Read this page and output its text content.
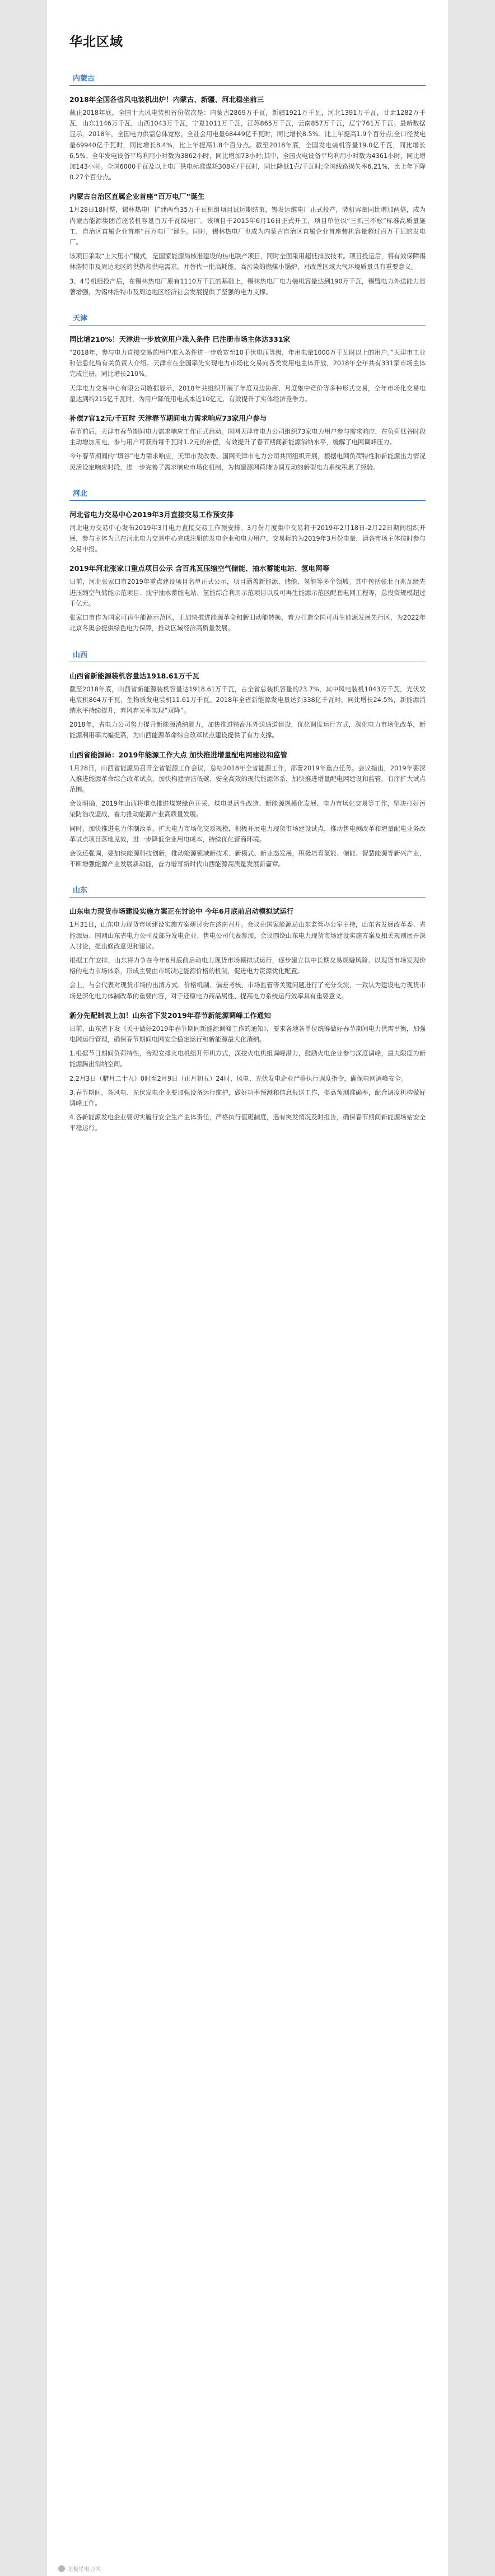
华北区域
内蒙古
2018年全国各省风电装机出炉！内蒙古、新疆、河北稳坐前三

截止2018年底，全国十大风电装机省份依次是：内蒙古2869万千瓦，新疆1921万千瓦，河北1391万千瓦，甘肃1282万千瓦，山东1146万千瓦，山西1043万千瓦，宁夏1011万千瓦，江苏865万千瓦，云南857万千瓦，辽宁761万千瓦。最新数据显示，2018年，全国电力供需总体宽松，全社会用电量68449亿千瓦时，同比增长8.5%。比上年提高1.9个百分点;全口径发电量69940亿千瓦时，同比增长8.4%，比上年提高1.8个百分点。截至2018年底，全国发电装机容量19.0亿千瓦，同比增长6.5%。全年发电设备平均利用小时数为3862小时，同比增加73小时;其中，全国火电设备平均利用小时数为4361小时，同比增加143小时。全国6000千瓦及以上电厂供电标准煤耗308克/千瓦时，同比降低1克/千瓦时;全国线路损失率6.21%，比上年下降0.27个百分点。

内蒙古自治区直属企业首座“百万电厂”诞生

1月28日18时整，锡林热电厂扩建两台35万千瓦机组项目试运期结束，锡发运维电厂正式投产，装机容量同比增加两倍，成为内蒙古能源集团首座装机容量百万千瓦级电厂。该项目于2015年6月16日正式开工，项目单位以“三抓三不松”标准高质量施工，自治区直属企业首座“百万电厂”诞生。同时，锡林热电厂也成为内蒙古自治区直属企业首座装机容量超过百万千瓦的发电厂。

该项目采取“上大压小”模式，是国家能源局核准建设的热电联产项目，同时全面采用超低排放技术。项目投运后，将有效保障锡林浩特市及周边地区的供热和供电需求，并替代一批高耗能、高污染的燃煤小锅炉，对改善区域大气环境质量具有重要意义。

3、4号机组投产后，在锡林热电厂原有1110万千瓦的基础上，锡林热电厂电力装机容量达到190万千瓦，锡盟电力外送能力显著增强，为锡林浩特市及周边地区经济社会发展提供了坚强的电力支撑。

天津
同比增210%！天津进一步放宽用户准入条件 已注册市场主体达331家

“2018年，参与电力直接交易的用户准入条件进一步放宽至10千伏电压等级，年用电量1000万千瓦时以上的用户。”天津市工业和信息化局有关负责人介绍。天津市在全国率先实现电力市场化交易向各类发用电主体开放，2018年全年共有331家市场主体完成注册，同比增长210%。

天津电力交易中心有限公司数据显示，2018年共组织开展了年度双边协商、月度集中竞价等多种形式交易，全年市场化交易电量达到约215亿千瓦时，为用户降低用电成本近10亿元，有效提升了实体经济竞争力。

补偿7官12元/千瓦时 天津春节期间电力需求响应73家用户参与

春节前后，天津市春节期间电力需求响应工作正式启动。国网天津市电力公司组织73家电力用户参与需求响应，在负荷低谷时段主动增加用电，参与用户可获得每千瓦时1.2元的补偿，有效提升了春节期间新能源消纳水平，缓解了电网调峰压力。

今年春节期间的“填谷”电力需求响应，天津市发改委、国网天津市电力公司共同组织开展，根据电网负荷特性和新能源出力情况灵活设定响应时段，进一步完善了需求响应市场化机制，为构建源网荷储协调互动的新型电力系统积累了经验。

河北
河北省电力交易中心2019年3月直接交易工作预安排

河北电力交易中心发布2019年3月电力直接交易工作预安排。3月份月度集中交易将于2019年2月18日-2月22日期间组织开展，参与主体为已在河北电力交易中心完成注册的发电企业和电力用户，交易标的为2019年3月份电量，请各市场主体按时参与交易申报。

2019年河北张家口重点项目公示 含百兆瓦压缩空气储能、抽水蓄能电站、氢电网等

日前，河北张家口市2019年重点建设项目名单正式公示，项目涵盖新能源、储能、氢能等多个领域。其中包括张北百兆瓦级先进压缩空气储能示范项目、抚宁抽水蓄能电站、氢能综合利用示范项目以及可再生能源示范区配套电网工程等，总投资规模超过千亿元。

张家口市作为国家可再生能源示范区，正加快推进能源革命和新旧动能转换，着力打造全国可再生能源发展先行区，为2022年北京冬奥会提供绿色电力保障，推动区域经济高质量发展。

山西
山西省新能源装机容量达1918.61万千瓦

截至2018年底，山西省新能源装机容量达1918.61万千瓦，占全省总装机容量的23.7%，其中风电装机1043万千瓦，光伏发电装机864万千瓦，生物质发电装机11.61万千瓦。2018年全省新能源发电量达到338亿千瓦时，同比增长24.5%，新能源消纳水平持续提升，弃风弃光率实现“双降”。

2018年，省电力公司努力提升新能源消纳能力，加快推进特高压外送通道建设，优化调度运行方式，深化电力市场化改革，新能源利用率大幅提高，为山西能源革命综合改革试点建设提供了有力支撑。

山西省能源局：2019年能源工作大点 加快推进增量配电网建设和监管

1月28日，山西省能源局召开全省能源工作会议，总结2018年全省能源工作，部署2019年重点任务。会议指出，2019年要深入推进能源革命综合改革试点，加快构建清洁低碳、安全高效的现代能源体系，加快推进增量配电网建设和监管，有序扩大试点范围。

会议明确，2019年山西将重点推进煤炭绿色开采、煤电灵活性改造、新能源规模化发展、电力市场化交易等工作，坚决打好污染防治攻坚战，着力推动能源产业高质量发展。

同时，加快推进电力体制改革，扩大电力市场化交易规模，积极开展电力现货市场建设试点，推动售电侧改革和增量配电业务改革试点项目落地见效，进一步降低企业用电成本，持续优化营商环境。

会议还强调，要加快能源科技创新，推动能源领域新技术、新模式、新业态发展，积极培育氢能、储能、智慧能源等新兴产业，不断增强能源产业发展新动能，奋力谱写新时代山西能源高质量发展新篇章。

山东
山东电力现货市场建设实施方案正在讨论中 今年6月底前启动模拟试运行

1月31日，山东电力现货市场建设实施方案研讨会在济南召开。会议由国家能源局山东监管办公室主持，山东省发展改革委、省能源局、国网山东省电力公司及部分发电企业、售电公司代表参加。会议围绕山东电力现货市场建设实施方案及相关规则展开深入讨论，提出修改意见和建议。

根据工作安排，山东将力争在今年6月底前启动电力现货市场模拟试运行，逐步建立以中长期交易规避风险、以现货市场发现价格的电力市场体系，形成主要由市场决定能源价格的机制，促进电力资源优化配置。

会上，与会代表对现货市场的出清方式、价格机制、偏差考核、市场监管等关键问题进行了充分交流，一致认为建设电力现货市场是深化电力体制改革的重要内容，对于还原电力商品属性、提高电力系统运行效率具有重要意义。

新分先配制表上加！山东省下发2019年春节新能源调峰工作通知

日前，山东省下发《关于做好2019年春节期间新能源调峰工作的通知》，要求各地各单位统筹做好春节期间电力供需平衡，加强电网运行管理，确保春节期间电网安全稳定运行和新能源最大化消纳。

1.根据节日期间负荷特性，合理安排火电机组开停机方式，深挖火电机组调峰潜力，鼓励火电企业参与深度调峰，最大限度为新能源腾出消纳空间。

2.2月3日（腊月二十九）0时至2月9日（正月初五）24时，风电、光伏发电企业严格执行调度指令，确保电网调峰安全。

3.春节期间，各风电、光伏发电企业要加强设备运行维护，做好功率预测和信息报送工作，提高预测准确率，配合调度机构做好调峰工作。

4.各新能源发电企业要切实履行安全生产主体责任，严格执行值班制度，遇有突发情况及时报告，确保春节期间新能源场站安全平稳运行。

北极星电力网
